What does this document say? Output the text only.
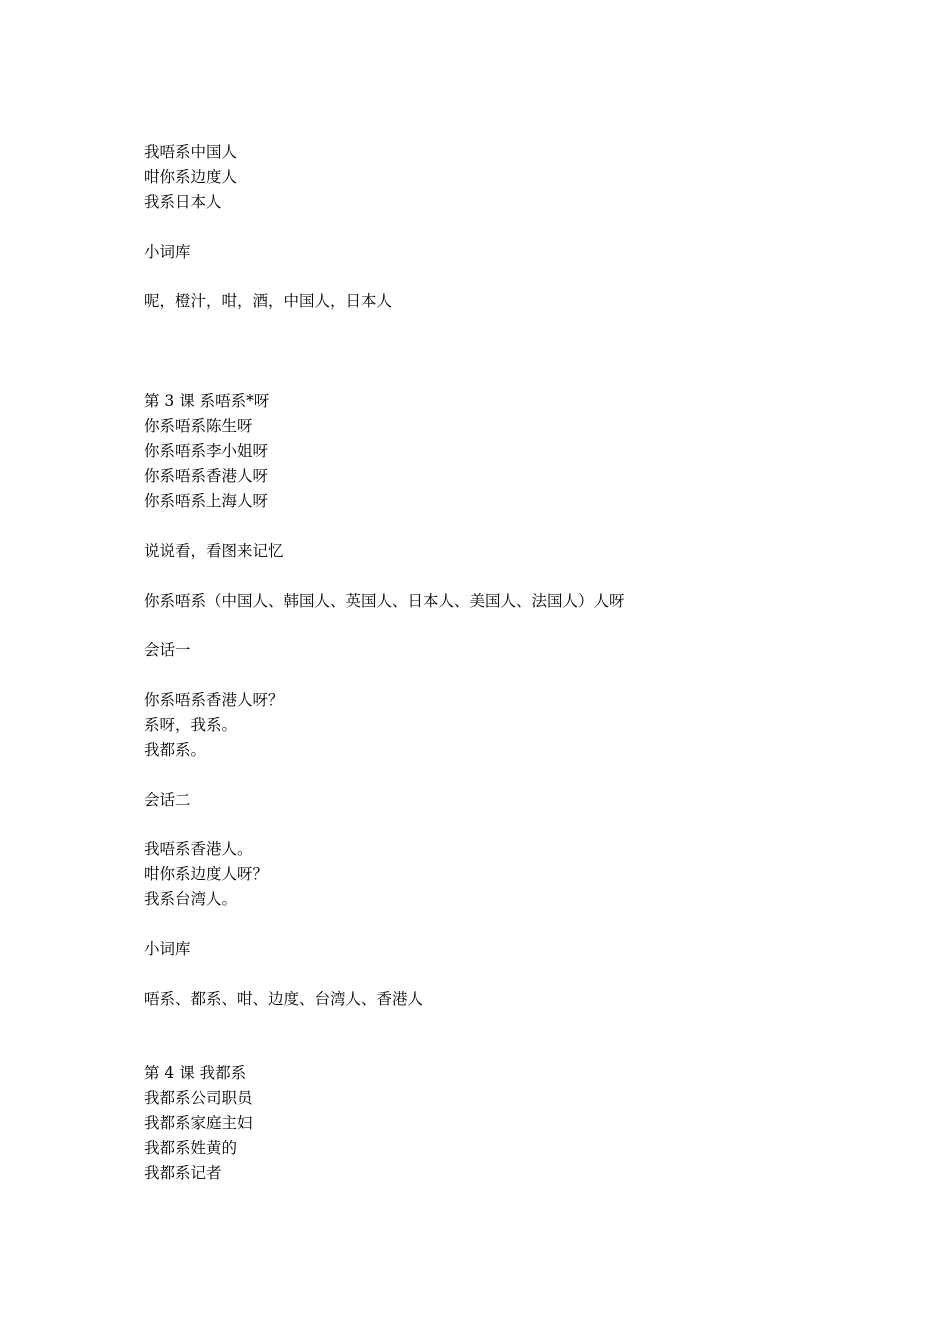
我唔系中国人
咁你系边度人
我系日本人
小词库
呢，橙汁，咁，酒，中国人，日本人
第 3 课 系唔系*呀
你系唔系陈生呀
你系唔系李小姐呀
你系唔系香港人呀
你系唔系上海人呀
说说看，看图来记忆
你系唔系（中国人、韩国人、英国人、日本人、美国人、法国人）人呀
会话一
你系唔系香港人呀？
系呀，我系。
我都系。
会话二
我唔系香港人。
咁你系边度人呀？
我系台湾人。
小词库
唔系、都系、咁、边度、台湾人、香港人
第 4 课 我都系
我都系公司职员
我都系家庭主妇
我都系姓黄的
我都系记者
